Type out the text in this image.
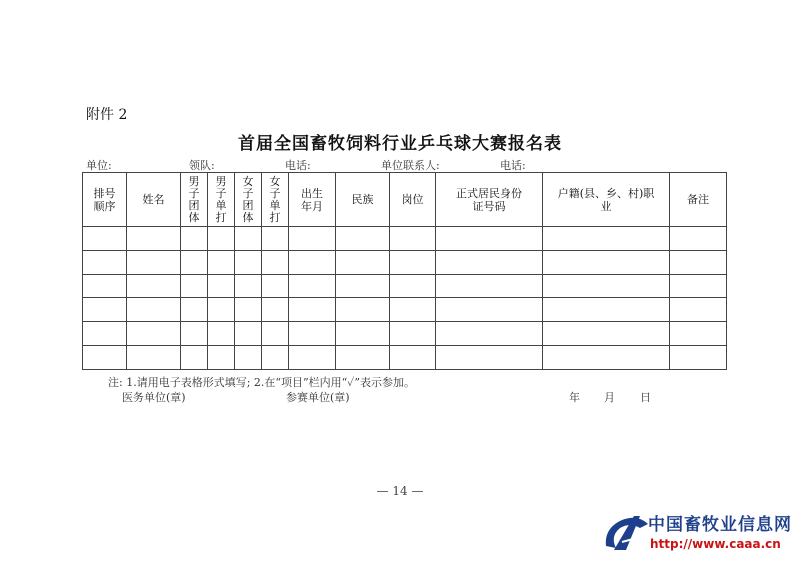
附件 2
首届全国畜牧饲料行业乒乓球大赛报名表
单位:	领队:	电话:	单位联系人:	电话:
排号顺序	姓名	男子团体	男子单打	女子团体	女子单打	出生年月	民族	岗位	正式居民身份证号码	户籍(县、乡、村)职业	备注

注: 1.请用电子表格形式填写; 2.在“项目”栏内用“✓”表示参加。
医务单位(章)	参赛单位(章)	年 月 日
— 14 —
中国畜牧业信息网
http://www.caaa.cn
